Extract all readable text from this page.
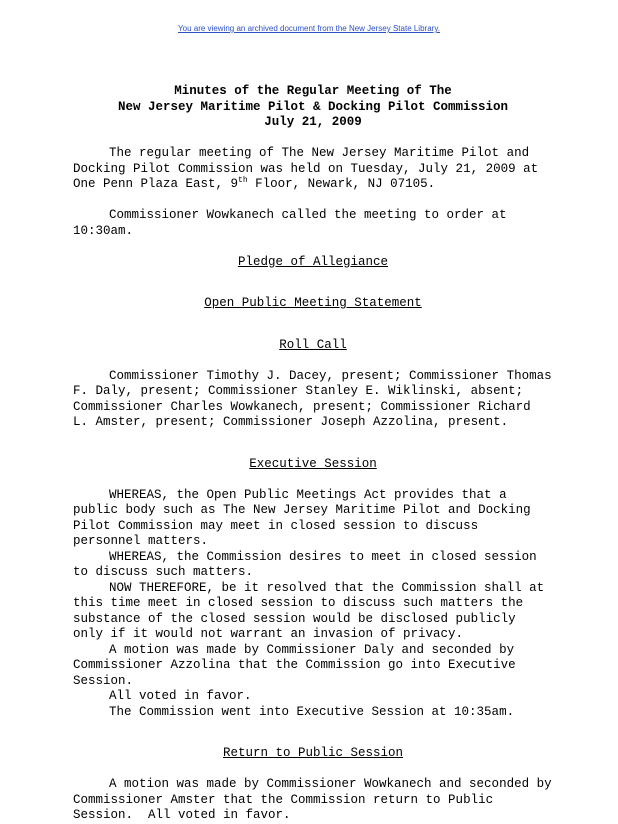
You are viewing an archived document from the New Jersey State Library.
Minutes of the Regular Meeting of The
New Jersey Maritime Pilot & Docking Pilot Commission
July 21, 2009

The regular meeting of The New Jersey Maritime Pilot and Docking Pilot Commission was held on Tuesday, July 21, 2009 at One Penn Plaza East, 9th Floor, Newark, NJ 07105.

Commissioner Wowkanech called the meeting to order at 10:30am.

Pledge of Allegiance
Open Public Meeting Statement
Roll Call

Commissioner Timothy J. Dacey, present; Commissioner Thomas F. Daly, present; Commissioner Stanley E. Wiklinski, absent; Commissioner Charles Wowkanech, present; Commissioner Richard L. Amster, present; Commissioner Joseph Azzolina, present.

Executive Session

WHEREAS, the Open Public Meetings Act provides that a public body such as The New Jersey Maritime Pilot and Docking Pilot Commission may meet in closed session to discuss personnel matters.

WHEREAS, the Commission desires to meet in closed session to discuss such matters.

NOW THEREFORE, be it resolved that the Commission shall at this time meet in closed session to discuss such matters the substance of the closed session would be disclosed publicly only if it would not warrant an invasion of privacy.

A motion was made by Commissioner Daly and seconded by Commissioner Azzolina that the Commission go into Executive Session.

All voted in favor.

The Commission went into Executive Session at 10:35am.

Return to Public Session

A motion was made by Commissioner Wowkanech and seconded by Commissioner Amster that the Commission return to Public Session.  All voted in favor.
